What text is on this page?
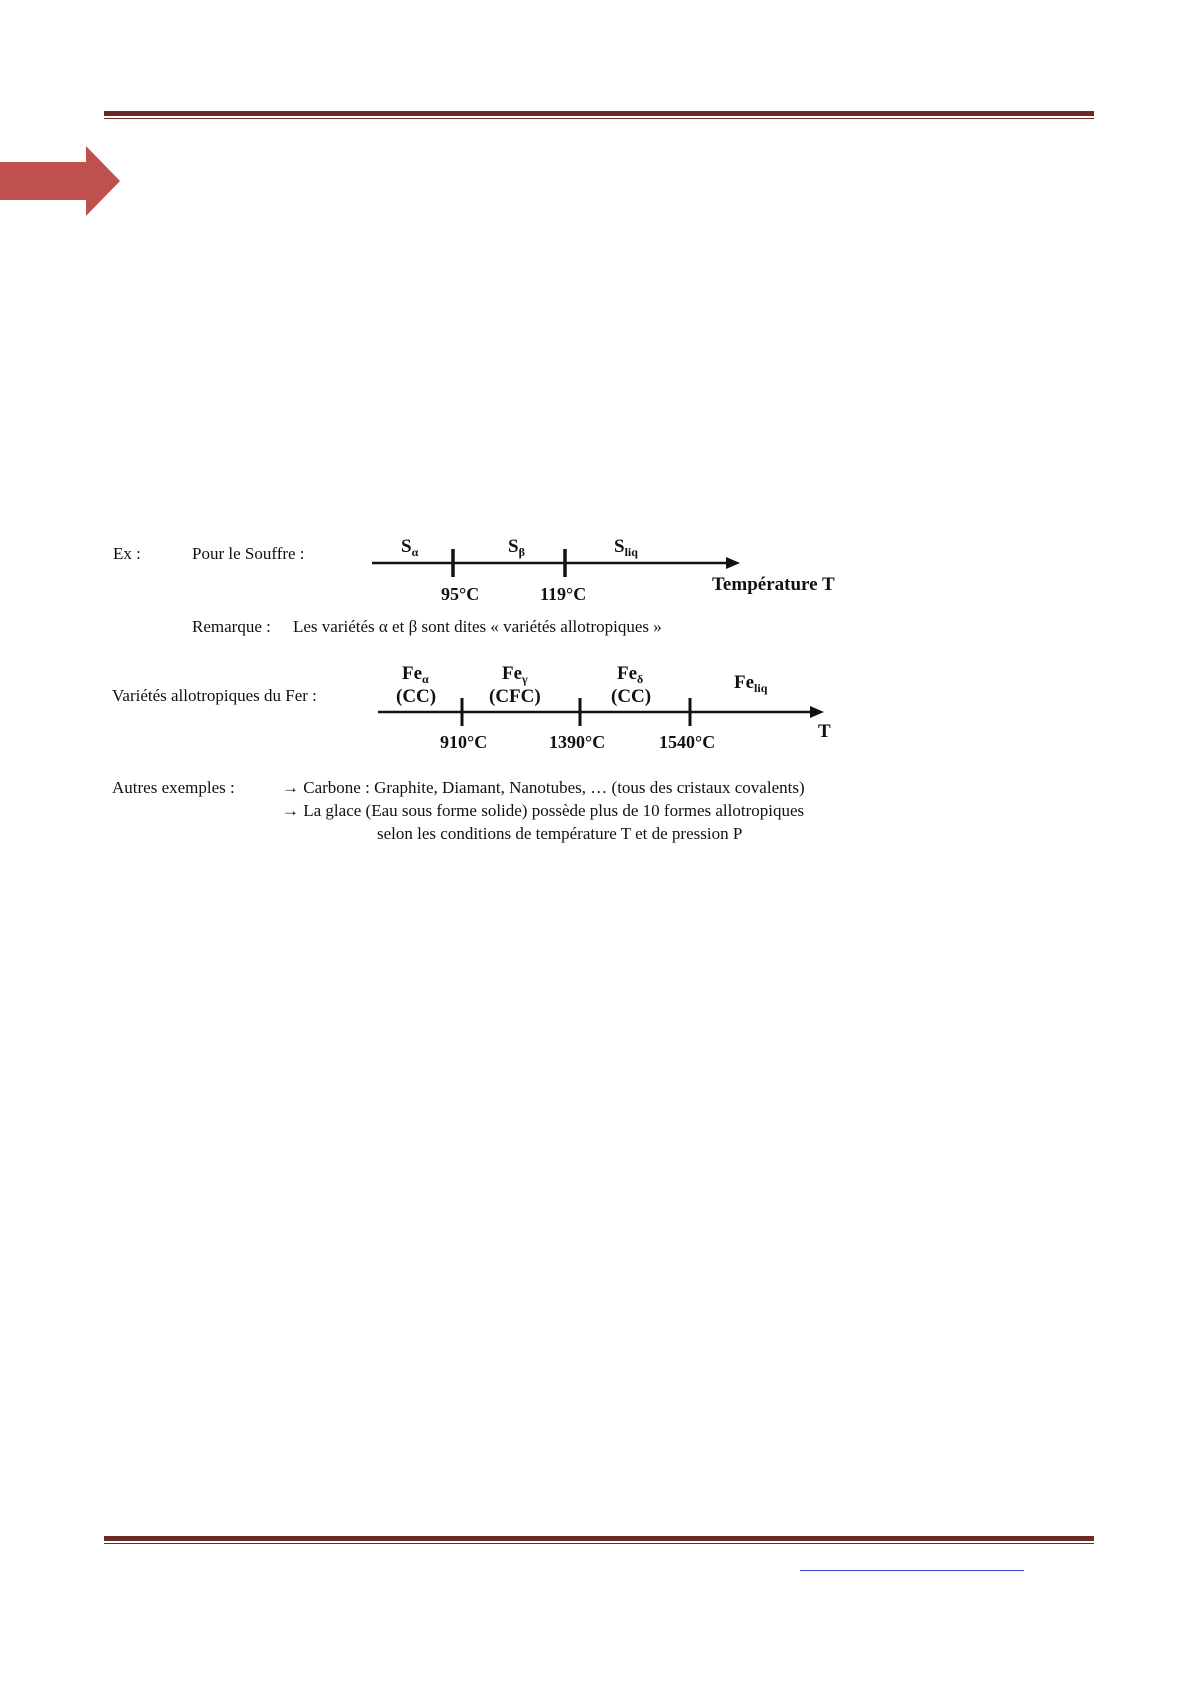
Ex :	Pour le Souffre :
Remarque : Les variétés α et β sont dites « variétés allotropiques »
Variétés allotropiques du Fer :
Autres exemples :	→ Carbone : Graphite, Diamant, Nanotubes, … (tous des cristaux covalents)
→ La glace (Eau sous forme solide) possède plus de 10 formes allotropiques
selon les conditions de température T et de pression P
$S_\alpha$	$S_\beta$	$S_{liq}$
95°C	119°C	Température T
$Fe_\alpha$
(CC)
$Fe_\gamma$
(CFC)
$Fe_\delta$
(CC)
$Fe_{liq}$
910°C	1390°C	1540°C	T
